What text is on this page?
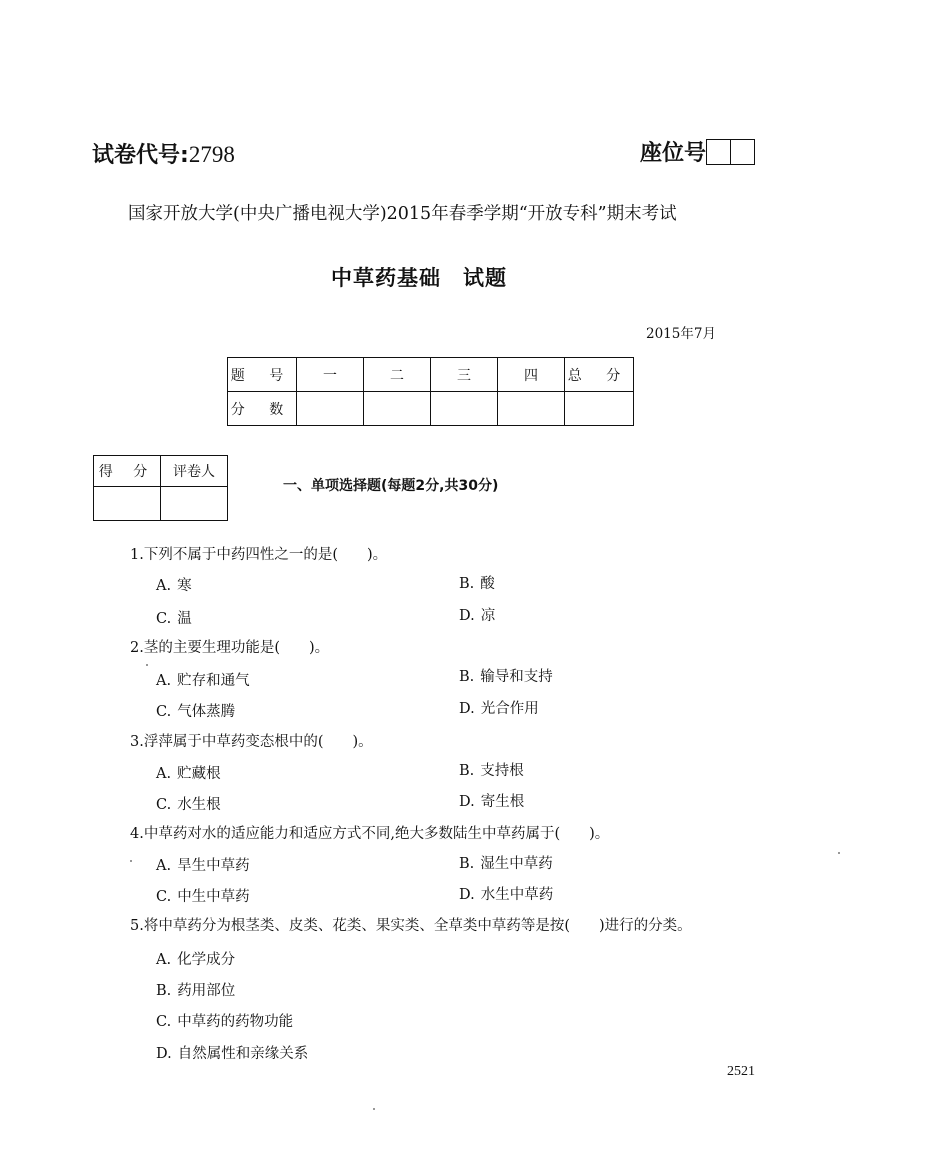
试卷代号:2798	座位号
国家开放大学(中央广播电视大学)2015年春季学期“开放专科”期末考试
中草药基础　试题
2015年7月
题 号	一	二	三	四	总 分
分 数					
得 分	评卷人

一、单项选择题(每题2分,共30分)
1.下列不属于中药四性之一的是(　　)。
A. 寒	B. 酸
C. 温	D. 凉
2.茎的主要生理功能是(　　)。
A. 贮存和通气	B. 输导和支持
C. 气体蒸腾	D. 光合作用
3.浮萍属于中草药变态根中的(　　)。
A. 贮藏根	B. 支持根
C. 水生根	D. 寄生根
4.中草药对水的适应能力和适应方式不同,绝大多数陆生中草药属于(　　)。
A. 旱生中草药	B. 湿生中草药
C. 中生中草药	D. 水生中草药
5.将中草药分为根茎类、皮类、花类、果实类、全草类中草药等是按(　　)进行的分类。
A. 化学成分
B. 药用部位
C. 中草药的药物功能
D. 自然属性和亲缘关系
2521
